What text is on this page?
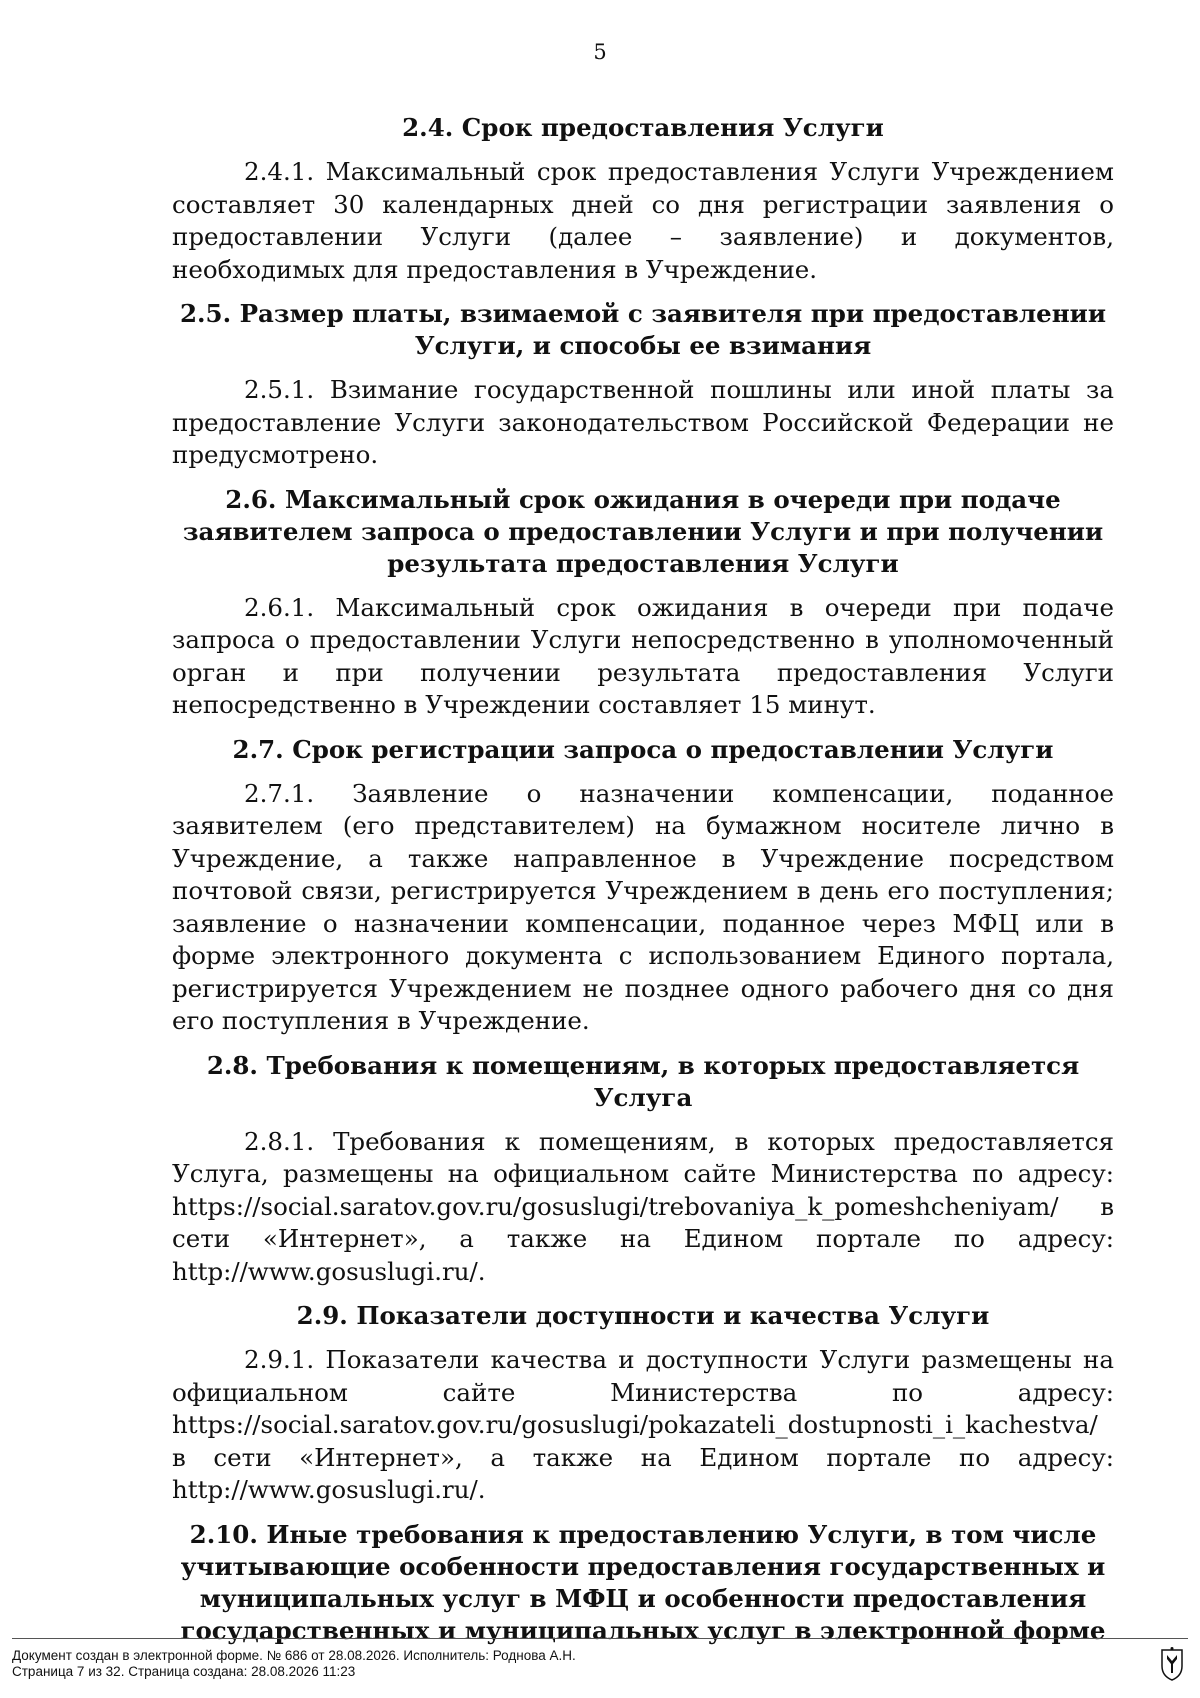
5
2.4. Срок предоставления Услуги
2.4.1. Максимальный срок предоставления Услуги Учреждением составляет 30 календарных дней со дня регистрации заявления о предоставлении Услуги (далее – заявление) и документов, необходимых для предоставления в Учреждение.
2.5. Размер платы, взимаемой с заявителя при предоставлении Услуги, и способы ее взимания
2.5.1. Взимание государственной пошлины или иной платы за предоставление Услуги законодательством Российской Федерации не предусмотрено.
2.6. Максимальный срок ожидания в очереди при подаче заявителем запроса о предоставлении Услуги и при получении результата предоставления Услуги
2.6.1. Максимальный срок ожидания в очереди при подаче запроса о предоставлении Услуги непосредственно в уполномоченный орган и при получении результата предоставления Услуги непосредственно в Учреждении составляет 15 минут.
2.7. Срок регистрации запроса о предоставлении Услуги
2.7.1. Заявление о назначении компенсации, поданное заявителем (его представителем) на бумажном носителе лично в Учреждение, а также направленное в Учреждение посредством почтовой связи, регистрируется Учреждением в день его поступления; заявление о назначении компенсации, поданное через МФЦ или в форме электронного документа с использованием Единого портала, регистрируется Учреждением не позднее одного рабочего дня со дня его поступления в Учреждение.
2.8. Требования к помещениям, в которых предоставляется Услуга
2.8.1. Требования к помещениям, в которых предоставляется Услуга, размещены на официальном сайте Министерства по адресу: https://social.saratov.gov.ru/gosuslugi/trebovaniya_k_pomeshcheniyam/ в сети «Интернет», а также на Едином портале по адресу: http://www.gosuslugi.ru/.
2.9. Показатели доступности и качества Услуги
2.9.1. Показатели качества и доступности Услуги размещены на официальном сайте Министерства по адресу: https://social.saratov.gov.ru/gosuslugi/pokazateli_dostupnosti_i_kachestva/ в сети «Интернет», а также на Едином портале по адресу: http://www.gosuslugi.ru/.
2.10. Иные требования к предоставлению Услуги, в том числе учитывающие особенности предоставления государственных и муниципальных услуг в МФЦ и особенности предоставления государственных и муниципальных услуг в электронной форме
Документ создан в электронной форме. № 686 от 28.08.2026. Исполнитель: Роднова А.Н.
Страница 7 из 32. Страница создана: 28.08.2026 11:23
